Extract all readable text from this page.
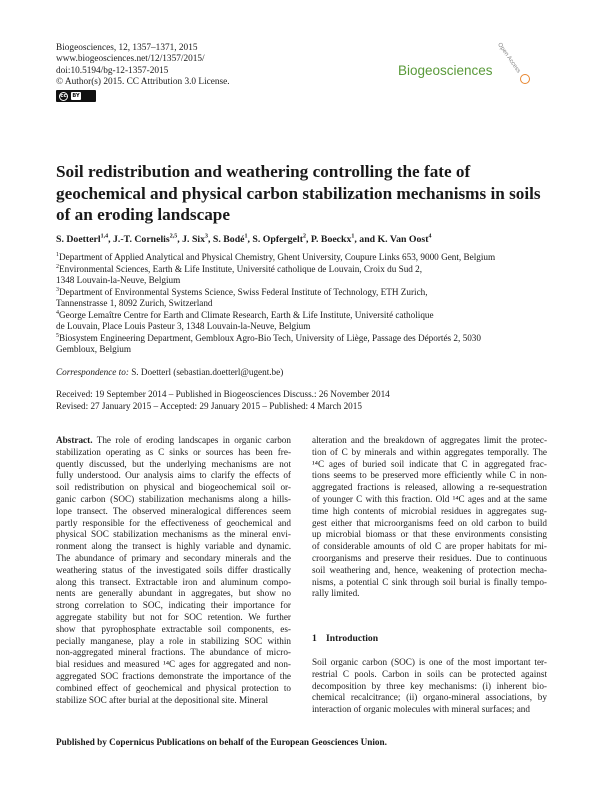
Biogeosciences, 12, 1357–1371, 2015
www.biogeosciences.net/12/1357/2015/
doi:10.5194/bg-12-1357-2015
© Author(s) 2015. CC Attribution 3.0 License.
cc BY
Open Access
Biogeosciences
Soil redistribution and weathering controlling the fate of geochemical and physical carbon stabilization mechanisms in soils of an eroding landscape
S. Doetterl$^{1,4}$, J.-T. Cornelis$^{2,5}$, J. Six$^3$, S. Bodé$^1$, S. Opfergelt$^2$, P. Boeckx$^1$, and K. Van Oost$^4$
$^1$Department of Applied Analytical and Physical Chemistry, Ghent University, Coupure Links 653, 9000 Gent, Belgium
$^2$Environmental Sciences, Earth & Life Institute, Université catholique de Louvain, Croix du Sud 2,
1348 Louvain-la-Neuve, Belgium
$^3$Department of Environmental Systems Science, Swiss Federal Institute of Technology, ETH Zurich,
Tannenstrasse 1, 8092 Zurich, Switzerland
$^4$George Lemaître Centre for Earth and Climate Research, Earth & Life Institute, Université catholique
de Louvain, Place Louis Pasteur 3, 1348 Louvain-la-Neuve, Belgium
$^5$Biosystem Engineering Department, Gembloux Agro-Bio Tech, University of Liège, Passage des Déportés 2, 5030
Gembloux, Belgium
Correspondence to: S. Doetterl (sebastian.doetterl@ugent.be)
Received: 19 September 2014 – Published in Biogeosciences Discuss.: 26 November 2014
Revised: 27 January 2015 – Accepted: 29 January 2015 – Published: 4 March 2015
Abstract. The role of eroding landscapes in organic carbon
stabilization operating as C sinks or sources has been fre-
quently discussed, but the underlying mechanisms are not
fully understood. Our analysis aims to clarify the effects of
soil redistribution on physical and biogeochemical soil or-
ganic carbon (SOC) stabilization mechanisms along a hills-
lope transect. The observed mineralogical differences seem
partly responsible for the effectiveness of geochemical and
physical SOC stabilization mechanisms as the mineral envi-
ronment along the transect is highly variable and dynamic.
The abundance of primary and secondary minerals and the
weathering status of the investigated soils differ drastically
along this transect. Extractable iron and aluminum compo-
nents are generally abundant in aggregates, but show no
strong correlation to SOC, indicating their importance for
aggregate stability but not for SOC retention. We further
show that pyrophosphate extractable soil components, es-
pecially manganese, play a role in stabilizing SOC within
non-aggregated mineral fractions. The abundance of micro-
bial residues and measured ¹⁴C ages for aggregated and non-
aggregated SOC fractions demonstrate the importance of the
combined effect of geochemical and physical protection to
stabilize SOC after burial at the depositional site. Mineral
alteration and the breakdown of aggregates limit the protec-
tion of C by minerals and within aggregates temporally. The
¹⁴C ages of buried soil indicate that C in aggregated frac-
tions seems to be preserved more efficiently while C in non-
aggregated fractions is released, allowing a re-sequestration
of younger C with this fraction. Old ¹⁴C ages and at the same
time high contents of microbial residues in aggregates sug-
gest either that microorganisms feed on old carbon to build
up microbial biomass or that these environments consisting
of considerable amounts of old C are proper habitats for mi-
croorganisms and preserve their residues. Due to continuous
soil weathering and, hence, weakening of protection mecha-
nisms, a potential C sink through soil burial is finally tempo-
rally limited.
1 Introduction
Soil organic carbon (SOC) is one of the most important ter-
restrial C pools. Carbon in soils can be protected against
decomposition by three key mechanisms: (i) inherent bio-
chemical recalcitrance; (ii) organo-mineral associations, by
interaction of organic molecules with mineral surfaces; and
Published by Copernicus Publications on behalf of the European Geosciences Union.
